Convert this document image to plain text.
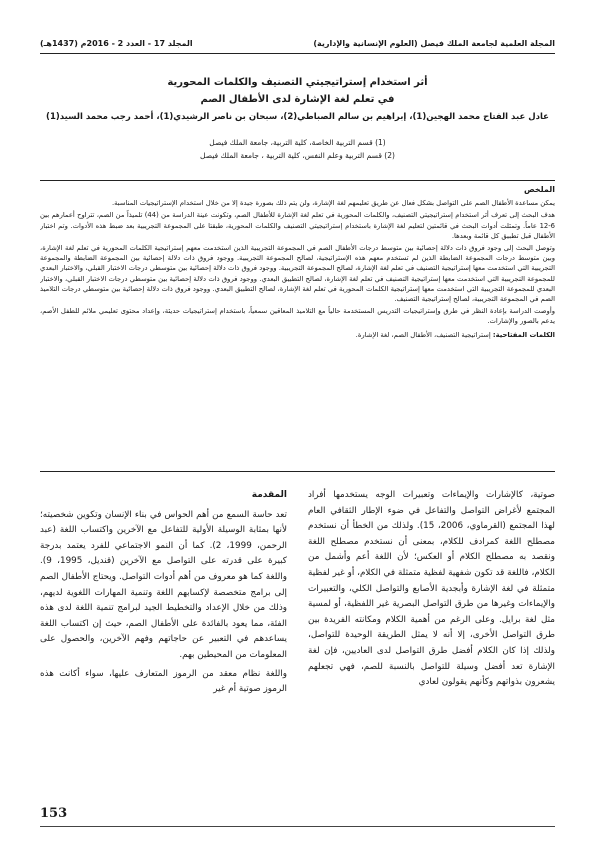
المجلة العلمية لجامعة الملك فيصل (العلوم الإنسانية والإدارية)
المجلد 17 - العدد 2 - 2016م (1437هـ)
أثر استخدام إستراتيجيتي التصنيف والكلمات المحورية
في تعلم لغة الإشارة لدى الأطفال الصم
عادل عبد الفتاح محمد الهجين(1)، إبراهيم بن سالم الصباطي(2)، سبحان بن ناصر الرشيدي(1)، أحمد رجب محمد السيد(1)
(1) قسم التربية الخاصة، كلية التربية، جامعة الملك فيصل
(2) قسم التربية وعلم النفس، كلية التربية ، جامعة الملك فيصل
الملخص

يمكن مساعدة الأطفال الصم على التواصل بشكل فعال عن طريق تعليمهم لغة الإشارة، ولن يتم ذلك بصورة جيدة إلا من خلال استخدام الإستراتيجيات المناسبة.

هدف البحث إلى تعرف أثر استخدام إستراتيجيتي التصنيف، والكلمات المحورية في تعلم لغة الإشارة للأطفال الصم، وتكونت عينة الدراسة من (44) تلميذاً من الصم، تتراوح أعمارهم بين 6-12 عاماً. وتمثلت أدوات البحث في قائمتين لتعليم لغة الإشارة باستخدام إستراتيجيتي التصنيف والكلمات المحورية، طبقتا على المجموعة التجريبية بعد ضبط هذه الأدوات. وتم اختبار الأطفال قبل تطبيق كل قائمة وبعدها.

وتوصل البحث إلى وجود فروق ذات دلالة إحصائية بين متوسط درجات الأطفال الصم في المجموعة التجريبية الذين استخدمت معهم إستراتيجية الكلمات المحورية في تعلم لغة الإشارة، وبين متوسط درجات المجموعة الضابطة الذين لم تستخدم معهم هذه الإستراتيجية، لصالح المجموعة التجريبية. ووجود فروق ذات دلالة إحصائية بين المجموعة الضابطة والمجموعة التجريبية التي استخدمت معها إستراتيجية التصنيف في تعلم لغة الإشارة، لصالح المجموعة التجريبية. ووجود فروق ذات دلالة إحصائية بين متوسطي درجات الاختبار القبلي، والاختبار البعدي للمجموعة التجريبية التي استخدمت معها إستراتيجية التصنيف في تعلم لغة الإشارة، لصالح التطبيق البعدي. ووجود فروق ذات دلالة إحصائية بين متوسطي درجات الاختبار القبلي، والاختبار البعدي للمجموعة التجريبية التي استخدمت معها إستراتيجية الكلمات المحورية في تعلم لغة الإشارة، لصالح التطبيق البعدي. ووجود فروق ذات دلالة إحصائية بين متوسطي درجات التلاميذ الصم في المجموعة التجريبية، لصالح إستراتيجية التصنيف.

وأوصت الدراسة بإعادة النظر في طرق وإستراتيجيات التدريس المستخدمة حالياً مع التلاميذ المعاقين سمعياً، باستخدام إستراتيجيات حديثة، وإعداد محتوى تعليمي ملائم للطفل الأصم، يدعم بالصور والإشارات.

الكلمات المفتاحية: إستراتيجية التصنيف، الأطفال الصم، لغة الإشارة.
المقدمة

تعد حاسة السمع من أهم الحواس في بناء الإنسان وتكوين شخصيته؛ لأنها بمثابة الوسيلة الأولية للتفاعل مع الآخرين واكتساب اللغة (عبد الرحمن، 1999، 2). كما أن النمو الاجتماعي للفرد يعتمد بدرجة كبيرة على قدرته على التواصل مع الآخرين (قنديل، 1995، 9). واللغة كما هو معروف من أهم أدوات التواصل. ويحتاج الأطفال الصم إلى برامج متخصصة لإكسابهم اللغة وتنمية المهارات اللغوية لديهم، وذلك من خلال الإعداد والتخطيط الجيد لبرامج تنمية اللغة لدى هذه الفئة، مما يعود بالفائدة على الأطفال الصم، حيث إن اكتساب اللغة يساعدهم في التعبير عن حاجاتهم وفهم الآخرين، والحصول على المعلومات من المحيطين بهم.

واللغة نظام معقد من الرموز المتعارف عليها، سواء أكانت هذه الرموز صوتية أم غير

صوتية، كالإشارات والإيماءات وتعبيرات الوجه يستخدمها أفراد المجتمع لأغراض التواصل والتفاعل في ضوء الإطار الثقافي العام لهذا المجتمع (القرماوي، 2006، 15). ولذلك من الخطأ أن نستخدم مصطلح اللغة كمرادف للكلام، بمعنى أن نستخدم مصطلح اللغة ونقصد به مصطلح الكلام أو العكس؛ لأن اللغة أعم وأشمل من الكلام، فاللغة قد تكون شفهية لفظية متمثلة في الكلام، أو غير لفظية متمثلة في لغة الإشارة وأبجدية الأصابع والتواصل الكلي، والتعبيرات والإيماءات وغيرها من طرق التواصل البصرية غير اللفظية، أو لمسية مثل لغة برايل. وعلى الرغم من أهمية الكلام ومكانته الفريدة بين طرق التواصل الأخرى، إلا أنه لا يمثل الطريقة الوحيدة للتواصل، ولذلك إذا كان الكلام أفضل طرق التواصل لدى العاديين، فإن لغة الإشارة تعد أفضل وسيلة للتواصل بالنسبة للصم، فهي تجعلهم يشعرون بذواتهم وكأنهم يقولون لعادي

153
